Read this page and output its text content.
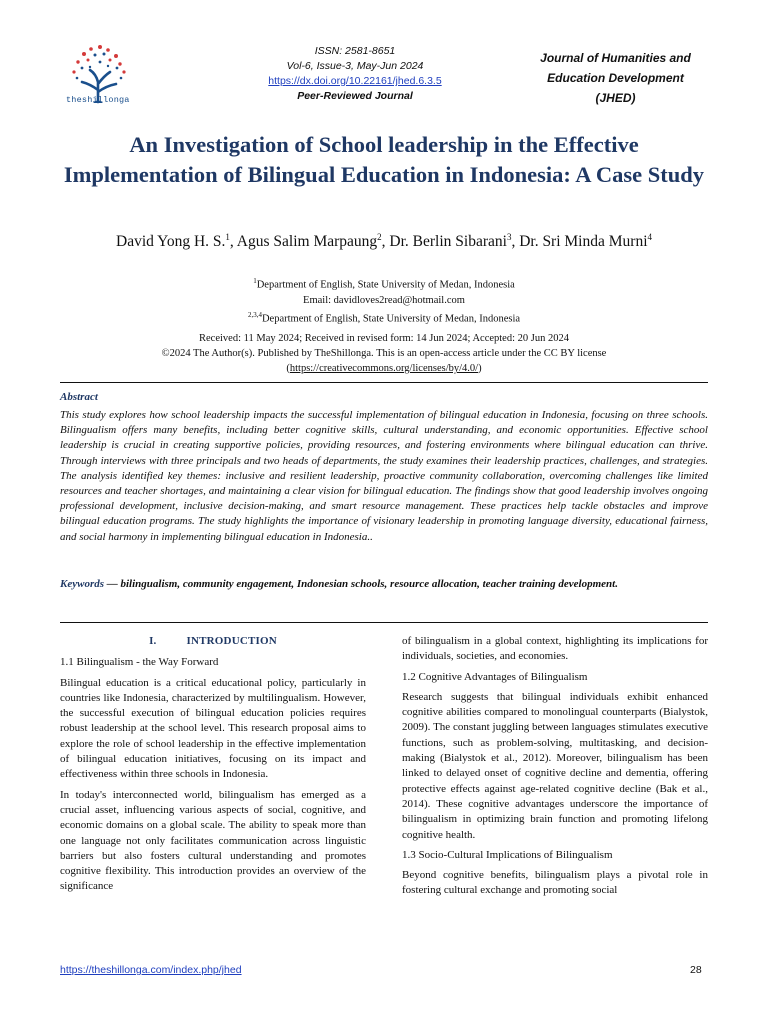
theshillonga
ISSN: 2581-8651
Vol-6, Issue-3, May-Jun 2024
https://dx.doi.org/10.22161/jhed.6.3.5
Peer-Reviewed Journal
Journal of Humanities and
Education Development
(JHED)
An Investigation of School leadership in the Effective Implementation of Bilingual Education in Indonesia: A Case Study
David Yong H. S.$^1$, Agus Salim Marpaung$^2$, Dr. Berlin Sibarani$^3$, Dr. Sri Minda Murni$^4$
$^1$Department of English, State University of Medan, Indonesia
Email: davidloves2read@hotmail.com
$^{2,3,4}$Department of English, State University of Medan, Indonesia
Received: 11 May 2024; Received in revised form: 14 Jun 2024; Accepted: 20 Jun 2024
©2024 The Author(s). Published by TheShillonga. This is an open-access article under the CC BY license
(https://creativecommons.org/licenses/by/4.0/)
Abstract

This study explores how school leadership impacts the successful implementation of bilingual education in Indonesia, focusing on three schools. Bilingualism offers many benefits, including better cognitive skills, cultural understanding, and economic opportunities. Effective school leadership is crucial in creating supportive policies, providing resources, and fostering environments where bilingual education can thrive. Through interviews with three principals and two heads of departments, the study examines their leadership practices, challenges, and strategies. The analysis identified key themes: inclusive and resilient leadership, proactive community collaboration, overcoming challenges like limited resources and teacher shortages, and maintaining a clear vision for bilingual education. The findings show that good leadership involves ongoing professional development, inclusive decision-making, and smart resource management. These practices help tackle obstacles and improve bilingual education programs. The study highlights the importance of visionary leadership in promoting language diversity, educational fairness, and social harmony in implementing bilingual education in Indonesia..

Keywords — bilingualism, community engagement, Indonesian schools, resource allocation, teacher training development.

I.	INTRODUCTION

1.1 Bilingualism - the Way Forward

Bilingual education is a critical educational policy, particularly in countries like Indonesia, characterized by multilingualism. However, the successful execution of bilingual education policies requires robust leadership at the school level. This research proposal aims to explore the role of school leadership in the effective implementation of bilingual education initiatives, focusing on its impact and effectiveness within three schools in Indonesia.

In today's interconnected world, bilingualism has emerged as a crucial asset, influencing various aspects of social, cognitive, and economic domains on a global scale. The ability to speak more than one language not only facilitates communication across linguistic barriers but also fosters cultural understanding and promotes cognitive flexibility. This introduction provides an overview of the significance

of bilingualism in a global context, highlighting its implications for individuals, societies, and economies.

1.2 Cognitive Advantages of Bilingualism

Research suggests that bilingual individuals exhibit enhanced cognitive abilities compared to monolingual counterparts (Bialystok, 2009). The constant juggling between languages stimulates executive functions, such as problem-solving, multitasking, and decision-making (Bialystok et al., 2012). Moreover, bilingualism has been linked to delayed onset of cognitive decline and dementia, offering protective effects against age-related cognitive decline (Bak et al., 2014). These cognitive advantages underscore the importance of bilingualism in optimizing brain function and promoting lifelong cognitive health.

1.3 Socio-Cultural Implications of Bilingualism

Beyond cognitive benefits, bilingualism plays a pivotal role in fostering cultural exchange and promoting social

https://theshillonga.com/index.php/jhed	28
